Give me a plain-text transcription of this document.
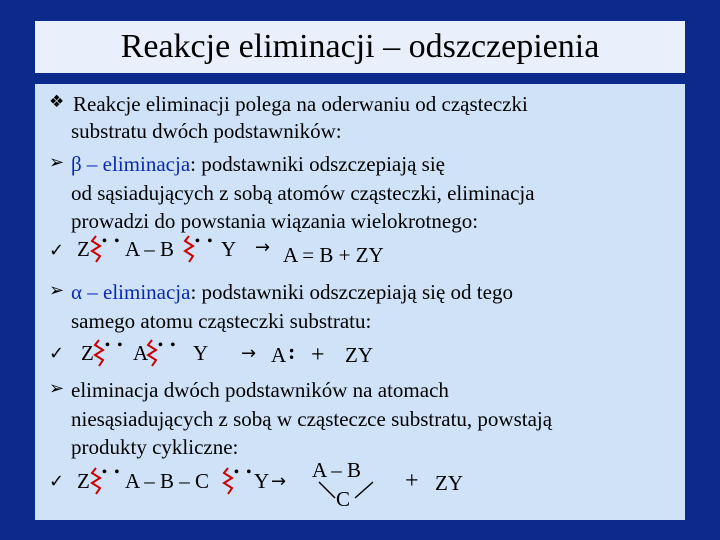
Reakcje eliminacji – odszczepienia
❖ Reakcje eliminacji polega na oderwaniu od cząsteczki
substratu dwóch podstawników:
➢ β – eliminacja: podstawniki odszczepiają się
od sąsiadujących z sobą atomów cząsteczki, eliminacja
prowadzi do powstania wiązania wielokrotnego:
✓ Z • • A – B • • Y → A = B + ZY
➢ α – eliminacja: podstawniki odszczepiają się od tego
samego atomu cząsteczki substratu:
✓ Z • • A • • Y → A : + ZY
➢ eliminacja dwóch podstawników na atomach
niesąsiadujących z sobą w cząsteczce substratu, powstają
produkty cykliczne:
✓ Z • • A – B – C • • Y → A – B
C
+ ZY
